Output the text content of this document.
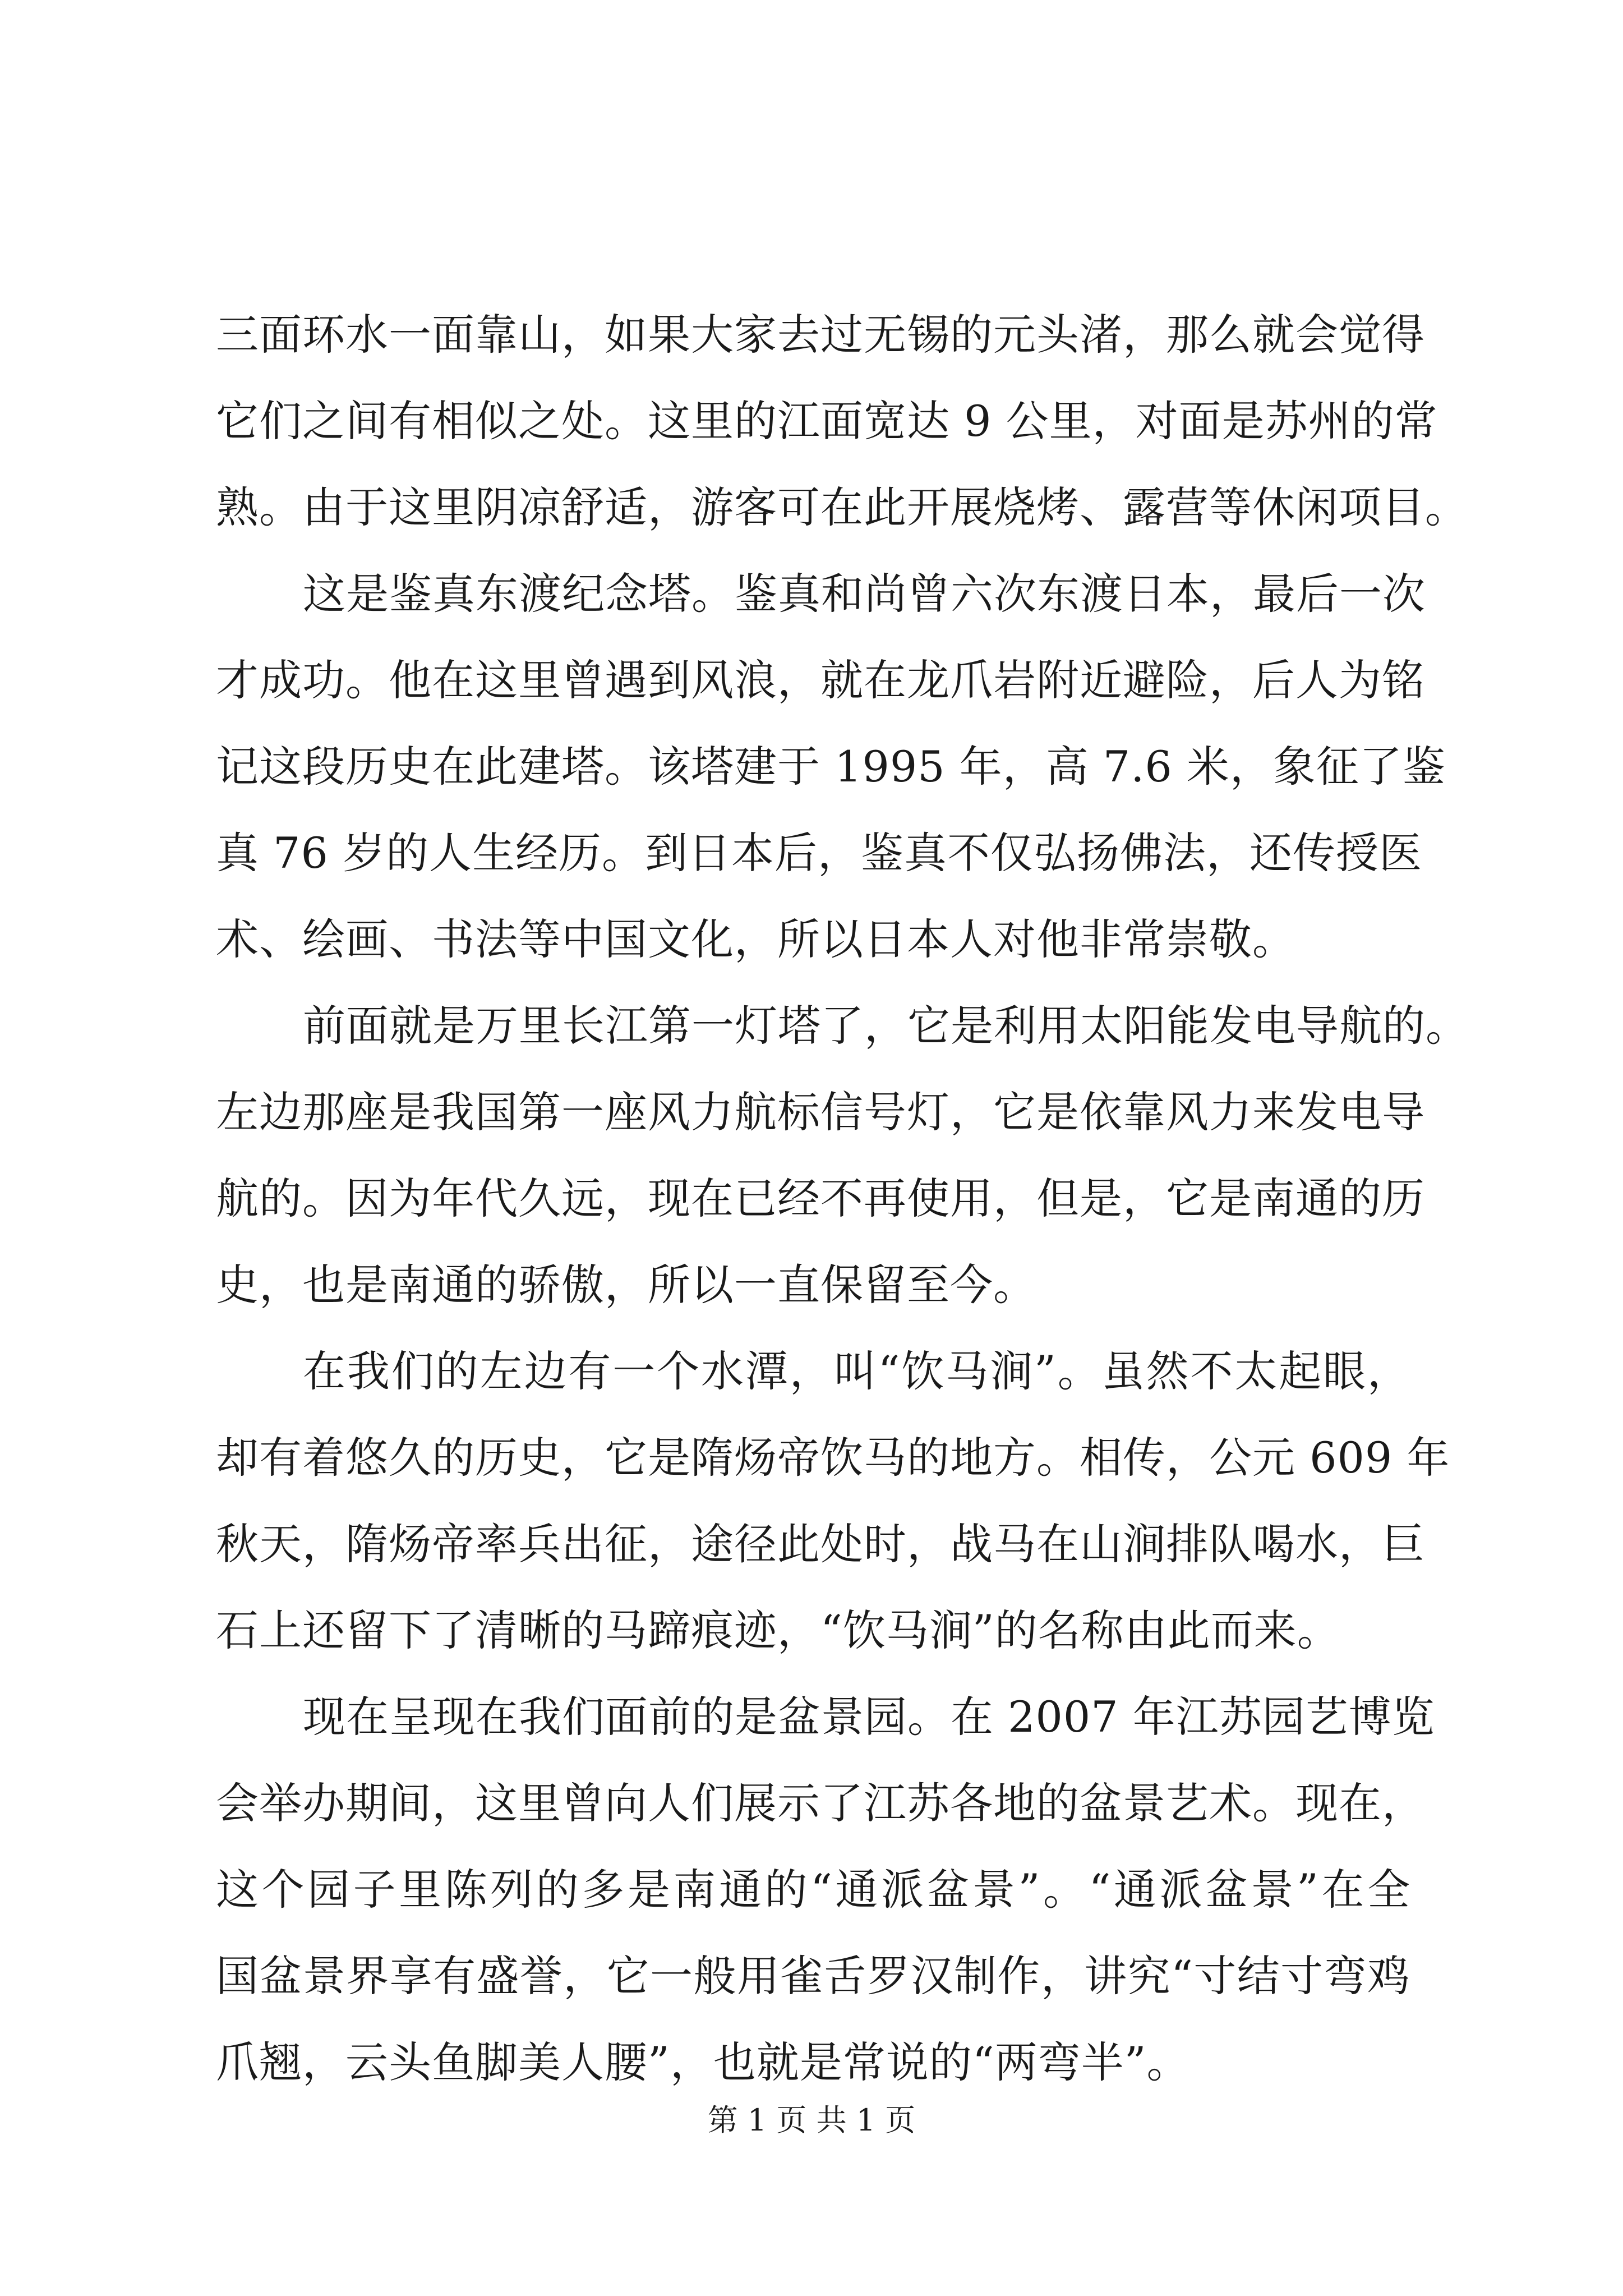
三面环水一面靠山，如果大家去过无锡的元头渚，那么就会觉得
它们之间有相似之处。这里的江面宽达 9 公里，对面是苏州的常
熟。由于这里阴凉舒适，游客可在此开展烧烤、露营等休闲项目。
这是鉴真东渡纪念塔。鉴真和尚曾六次东渡日本，最后一次
才成功。他在这里曾遇到风浪，就在龙爪岩附近避险，后人为铭
记这段历史在此建塔。该塔建于 1995 年，高 7.6 米，象征了鉴
真 76 岁的人生经历。到日本后，鉴真不仅弘扬佛法，还传授医
术、绘画、书法等中国文化，所以日本人对他非常崇敬。
前面就是万里长江第一灯塔了，它是利用太阳能发电导航的。
左边那座是我国第一座风力航标信号灯，它是依靠风力来发电导
航的。因为年代久远，现在已经不再使用，但是，它是南通的历
史，也是南通的骄傲，所以一直保留至今。
在我们的左边有一个水潭，叫“饮马涧”。虽然不太起眼，
却有着悠久的历史，它是隋炀帝饮马的地方。相传，公元 609 年
秋天，隋炀帝率兵出征，途径此处时，战马在山涧排队喝水，巨
石上还留下了清晰的马蹄痕迹，“饮马涧”的名称由此而来。
现在呈现在我们面前的是盆景园。在 2007 年江苏园艺博览
会举办期间，这里曾向人们展示了江苏各地的盆景艺术。现在，
这个园子里陈列的多是南通的“通派盆景”。“通派盆景”在全
国盆景界享有盛誉，它一般用雀舌罗汉制作，讲究“寸结寸弯鸡
爪翘，云头鱼脚美人腰”，也就是常说的“两弯半”。
第 1 页 共 1 页
